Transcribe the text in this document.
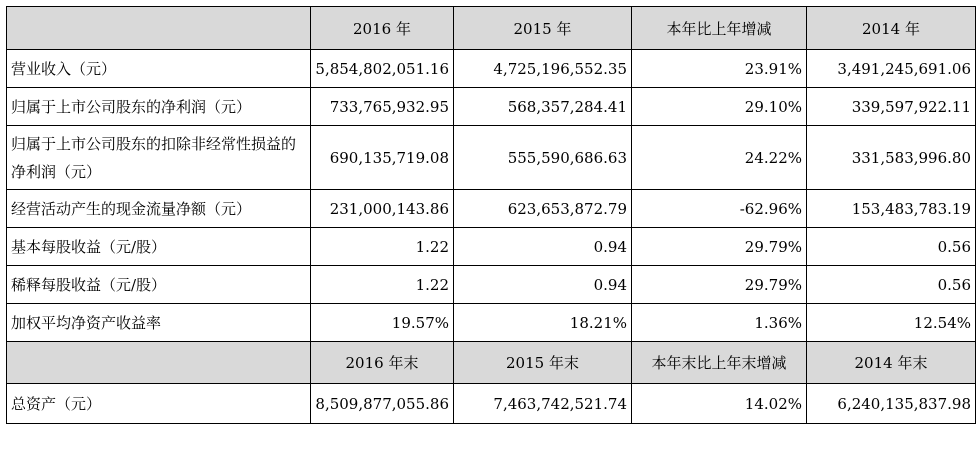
	2016 年	2015 年	本年比上年增减	2014 年
营业收入（元）	5,854,802,051.16	4,725,196,552.35	23.91%	3,491,245,691.06
归属于上市公司股东的净利润（元）	733,765,932.95	568,357,284.41	29.10%	339,597,922.11
归属于上市公司股东的扣除非经常性损益的净利润（元）	690,135,719.08	555,590,686.63	24.22%	331,583,996.80
经营活动产生的现金流量净额（元）	231,000,143.86	623,653,872.79	-62.96%	153,483,783.19
基本每股收益（元/股）	1.22	0.94	29.79%	0.56
稀释每股收益（元/股）	1.22	0.94	29.79%	0.56
加权平均净资产收益率	19.57%	18.21%	1.36%	12.54%
	2016 年末	2015 年末	本年末比上年末增减	2014 年末
总资产（元）	8,509,877,055.86	7,463,742,521.74	14.02%	6,240,135,837.98
